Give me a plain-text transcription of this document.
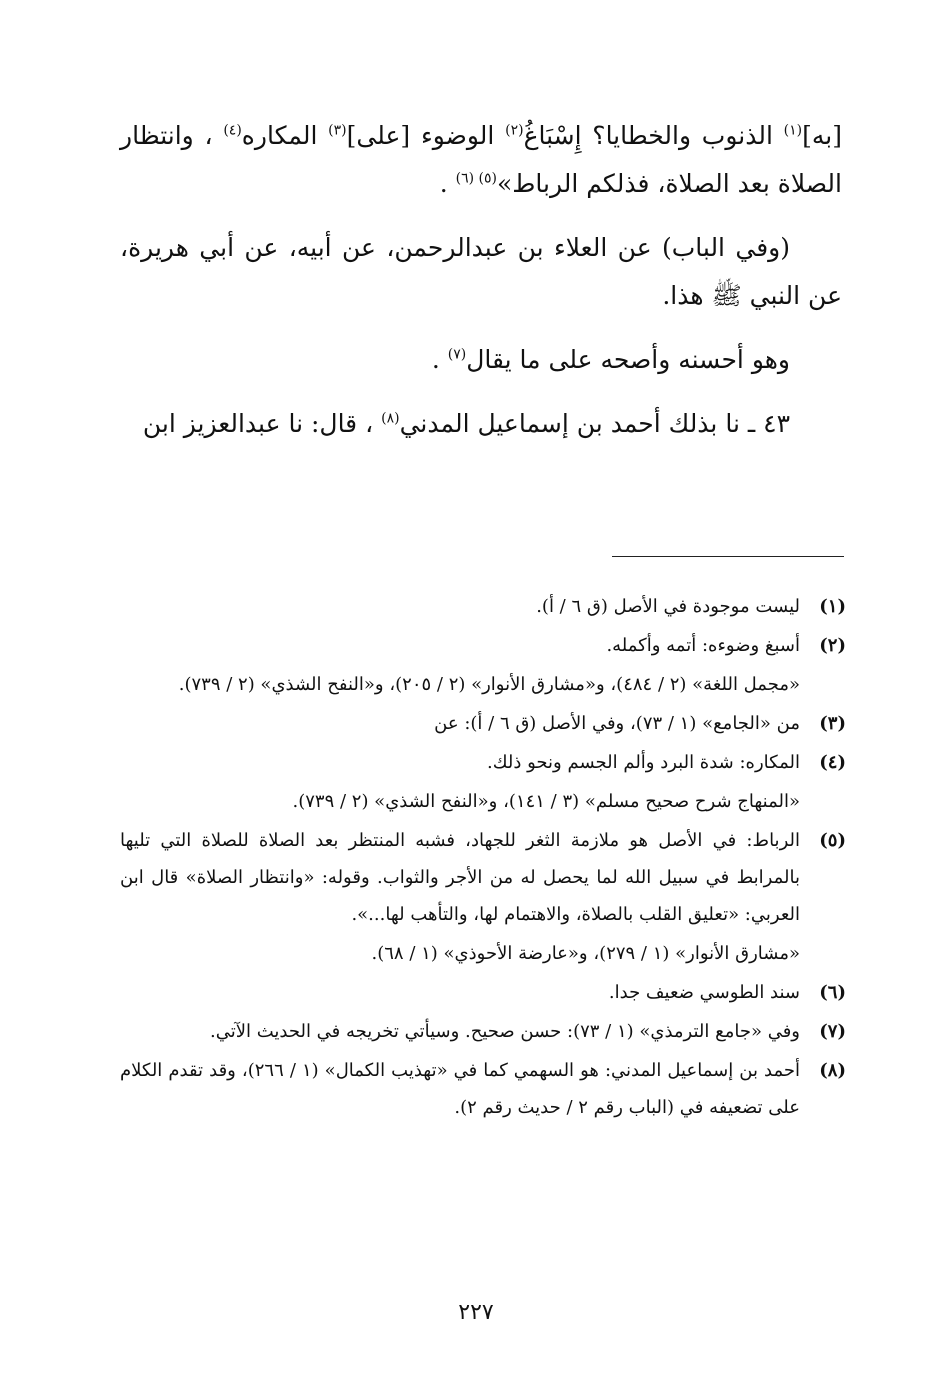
[به]$^{(١)}$ الذنوب والخطايا؟ إِسْبَاغُ$^{(٢)}$ الوضوء [على]$^{(٣)}$ المكاره$^{(٤)}$ ، وانتظار الصلاة بعد الصلاة، فذلكم الرباط»$^{(٥) (٦)}$ .

(وفي الباب) عن العلاء بن عبدالرحمن، عن أبيه، عن أبي هريرة، عن النبي ﷺ هذا.

وهو أحسنه وأصحه على ما يقال$^{(٧)}$ .

٤٣ ـ نا بذلك أحمد بن إسماعيل المدني$^{(٨)}$ ، قال: نا عبدالعزيز ابن

(١)
ليست موجودة في الأصل (ق ٦ / أ).
(٢)
أسبغ وضوءه: أتمه وأكمله.
«مجمل اللغة» (٢ / ٤٨٤)، و«مشارق الأنوار» (٢ / ٢٠٥)، و«النفح الشذي» (٢ / ٧٣٩).
(٣)
من «الجامع» (١ / ٧٣)، وفي الأصل (ق ٦ / أ): عن
(٤)
المكاره: شدة البرد وألم الجسم ونحو ذلك.
«المنهاج شرح صحيح مسلم» (٣ / ١٤١)، و«النفح الشذي» (٢ / ٧٣٩).
(٥)
الرباط: في الأصل هو ملازمة الثغر للجهاد، فشبه المنتظر بعد الصلاة للصلاة التي تليها بالمرابط في سبيل الله لما يحصل له من الأجر والثواب. وقوله: «وانتظار الصلاة» قال ابن العربي: «تعليق القلب بالصلاة، والاهتمام لها، والتأهب لها...».
«مشارق الأنوار» (١ / ٢٧٩)، و«عارضة الأحوذي» (١ / ٦٨).
(٦)
سند الطوسي ضعيف جدا.
(٧)
وفي «جامع الترمذي» (١ / ٧٣): حسن صحيح. وسيأتي تخريجه في الحديث الآتي.
(٨)
أحمد بن إسماعيل المدني: هو السهمي كما في «تهذيب الكمال» (١ / ٢٦٦)، وقد تقدم الكلام على تضعيفه في (الباب رقم ٢ / حديث رقم ٢).
٢٢٧
